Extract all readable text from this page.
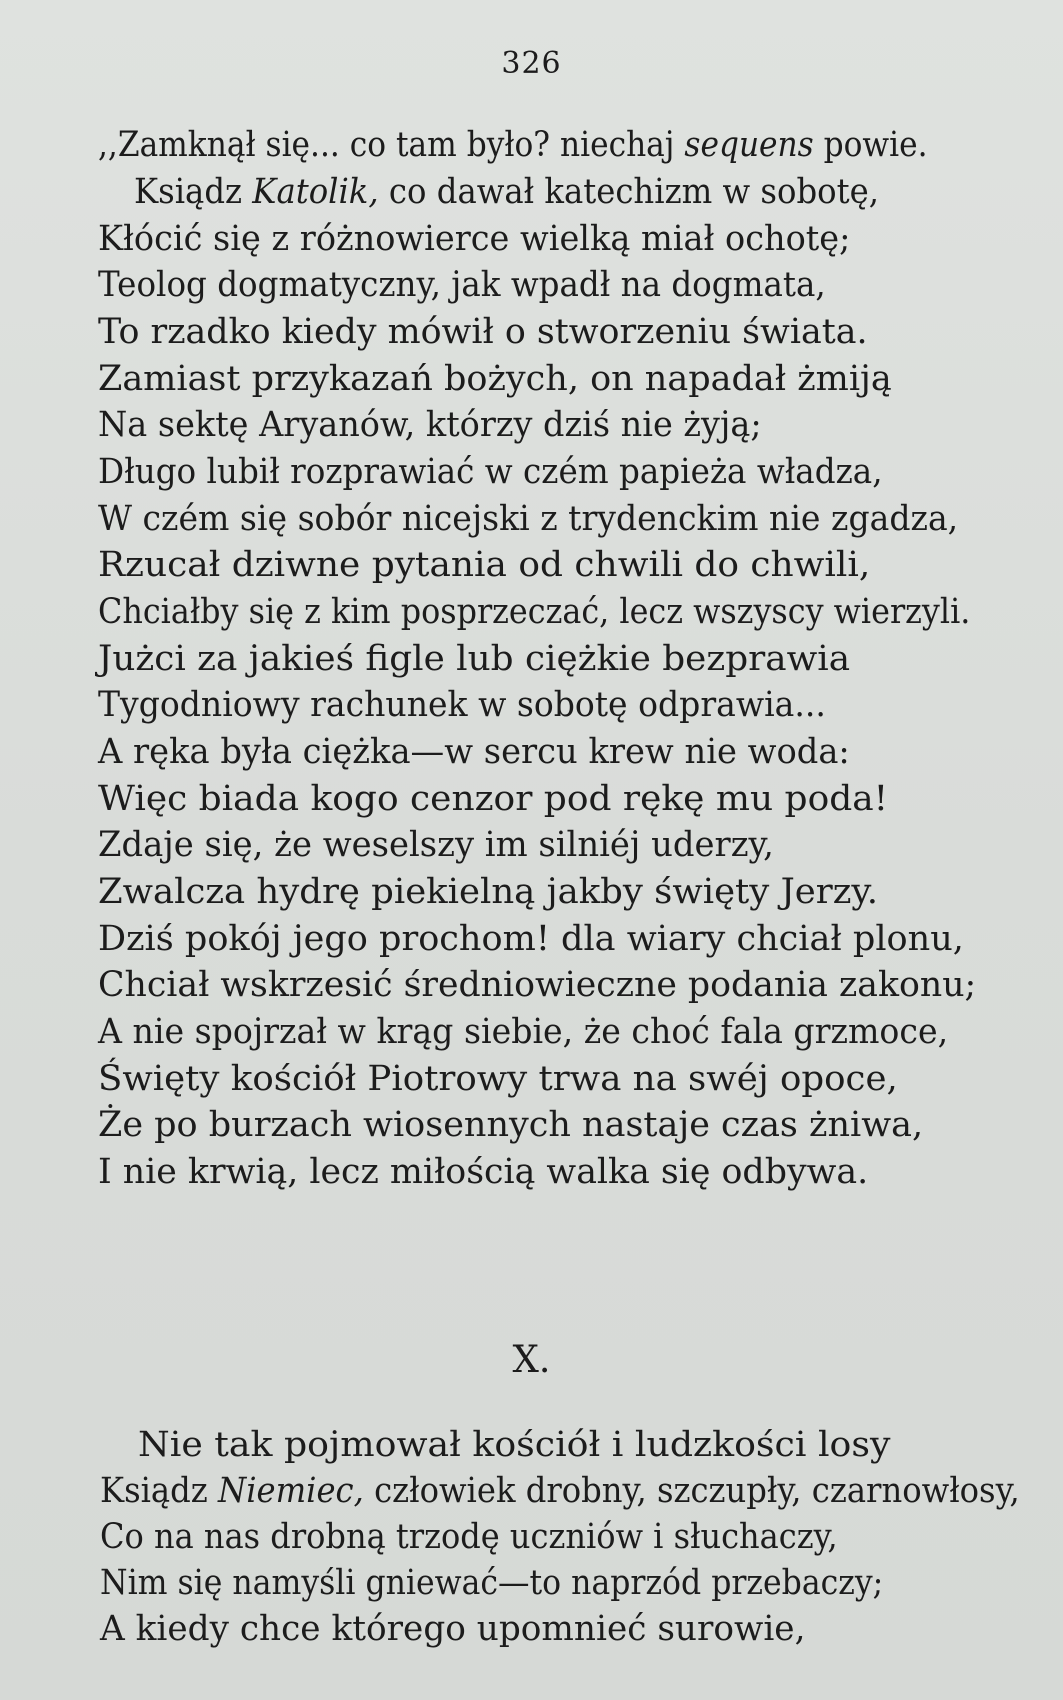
326
,,Zamknął się... co tam było? niechaj sequens powie.
Ksiądz Katolik, co dawał katechizm w sobotę,
Kłócić się z różnowierce wielką miał ochotę;
Teolog dogmatyczny, jak wpadł na dogmata,
To rzadko kiedy mówił o stworzeniu świata.
Zamiast przykazań bożych, on napadał żmiją
Na sektę Aryanów, którzy dziś nie żyją;
Długo lubił rozprawiać w czém papieża władza,
W czém się sobór nicejski z trydenckim nie zgadza,
Rzucał dziwne pytania od chwili do chwili,
Chciałby się z kim posprzeczać, lecz wszyscy wierzyli.
Jużci za jakieś figle lub ciężkie bezprawia
Tygodniowy rachunek w sobotę odprawia...
A ręka była ciężka—w sercu krew nie woda:
Więc biada kogo cenzor pod rękę mu poda!
Zdaje się, że weselszy im silniéj uderzy,
Zwalcza hydrę piekielną jakby święty Jerzy.
Dziś pokój jego prochom! dla wiary chciał plonu,
Chciał wskrzesić średniowieczne podania zakonu;
A nie spojrzał w krąg siebie, że choć fala grzmoce,
Święty kościół Piotrowy trwa na swéj opoce,
Że po burzach wiosennych nastaje czas żniwa,
I nie krwią, lecz miłością walka się odbywa.
X.
Nie tak pojmował kościół i ludzkości losy
Ksiądz Niemiec, człowiek drobny, szczupły, czarnowłosy,
Co na nas drobną trzodę uczniów i słuchaczy,
Nim się namyśli gniewać—to naprzód przebaczy;
A kiedy chce którego upomnieć surowie,
